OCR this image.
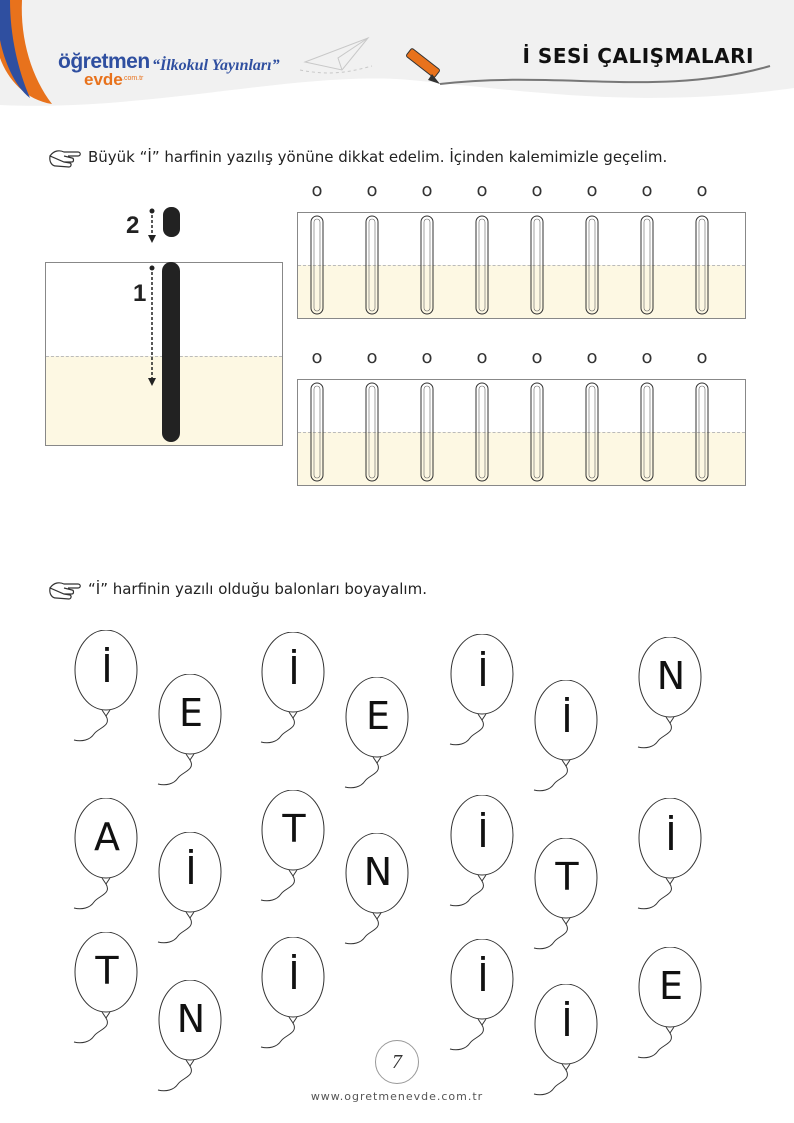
öğretmen
evde .com.tr
“İlkokul Yayınları”	İ SESİ ÇALIŞMALARI
Büyük “İ” harfinin yazılış yönüne dikkat edelim. İçinden kalemimizle geçelim.
2
1
“İ” harfinin yazılı olduğu balonları boyayalım.
İ
E
İ
E
İ
İ
N
A
İ
T
N
İ
T
İ
T
N
İ	İ
İ
E
7
www.ogretmenevde.com.tr
o o o o o o o o
o o o o o o o o
